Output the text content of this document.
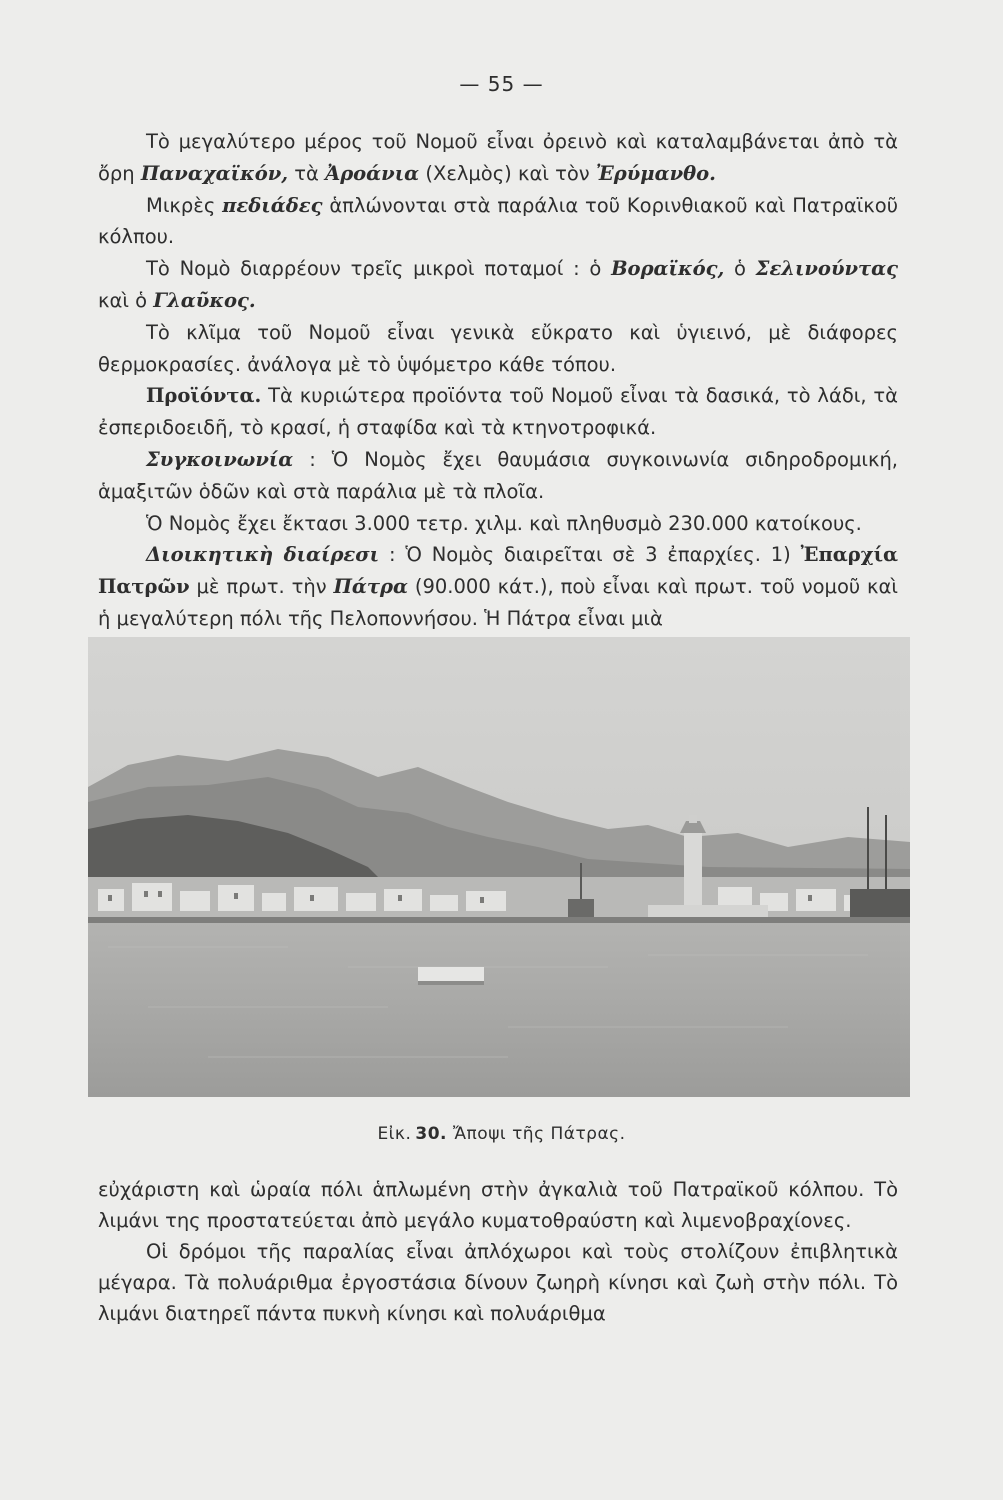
— 55 —

Τὸ μεγαλύτερο μέρος τοῦ Νομοῦ εἶναι ὀρεινὸ καὶ καταλαμβάνεται ἀπὸ τὰ ὄρη Παναχαϊκόν, τὰ Ἀροάνια (Χελμὸς) καὶ τὸν Ἐρύμανθο.

Μικρὲς πεδιάδες ἁπλώνονται στὰ παράλια τοῦ Κορινθιακοῦ καὶ Πατραϊκοῦ κόλπου.

Τὸ Νομὸ διαρρέουν τρεῖς μικροὶ ποταμοί : ὁ Βοραϊκός, ὁ Σελινούντας καὶ ὁ Γλαῦκος.

Τὸ κλῖμα τοῦ Νομοῦ εἶναι γενικὰ εὔκρατο καὶ ὑγιεινό, μὲ διάφορες θερμοκρασίες. ἀνάλογα μὲ τὸ ὑψόμετρο κάθε τόπου.

Προϊόντα. Τὰ κυριώτερα προϊόντα τοῦ Νομοῦ εἶναι τὰ δασικά, τὸ λάδι, τὰ ἐσπεριδοειδῆ, τὸ κρασί, ἡ σταφίδα καὶ τὰ κτηνοτροφικά.

Συγκοινωνία : Ὁ Νομὸς ἔχει θαυμάσια συγκοινωνία σιδηροδρομική, ἁμαξιτῶν ὁδῶν καὶ στὰ παράλια μὲ τὰ πλοῖα.

Ὁ Νομὸς ἔχει ἔκτασι 3.000 τετρ. χιλμ. καὶ πληθυσμὸ 230.000 κατοίκους.

Διοικητικὴ διαίρεσι : Ὁ Νομὸς διαιρεῖται σὲ 3 ἐπαρχίες. 1) Ἐπαρχία Πατρῶν μὲ πρωτ. τὴν Πάτρα (90.000 κάτ.), ποὺ εἶναι καὶ πρωτ. τοῦ νομοῦ καὶ ἡ μεγαλύτερη πόλι τῆς Πελοποννήσου. Ἡ Πάτρα εἶναι μιὰ

Εἰκ. 30. Ἄποψι τῆς Πάτρας.

εὐχάριστη καὶ ὡραία πόλι ἁπλωμένη στὴν ἀγκαλιὰ τοῦ Πατραϊκοῦ κόλπου. Τὸ λιμάνι της προστατεύεται ἀπὸ μεγάλο κυματοθραύστη καὶ λιμενοβραχίονες.

Οἱ δρόμοι τῆς παραλίας εἶναι ἀπλόχωροι καὶ τοὺς στολίζουν ἐπιβλητικὰ μέγαρα. Τὰ πολυάριθμα ἐργοστάσια δίνουν ζωηρὴ κίνησι καὶ ζωὴ στὴν πόλι. Τὸ λιμάνι διατηρεῖ πάντα πυκνὴ κίνησι καὶ πολυάριθμα
